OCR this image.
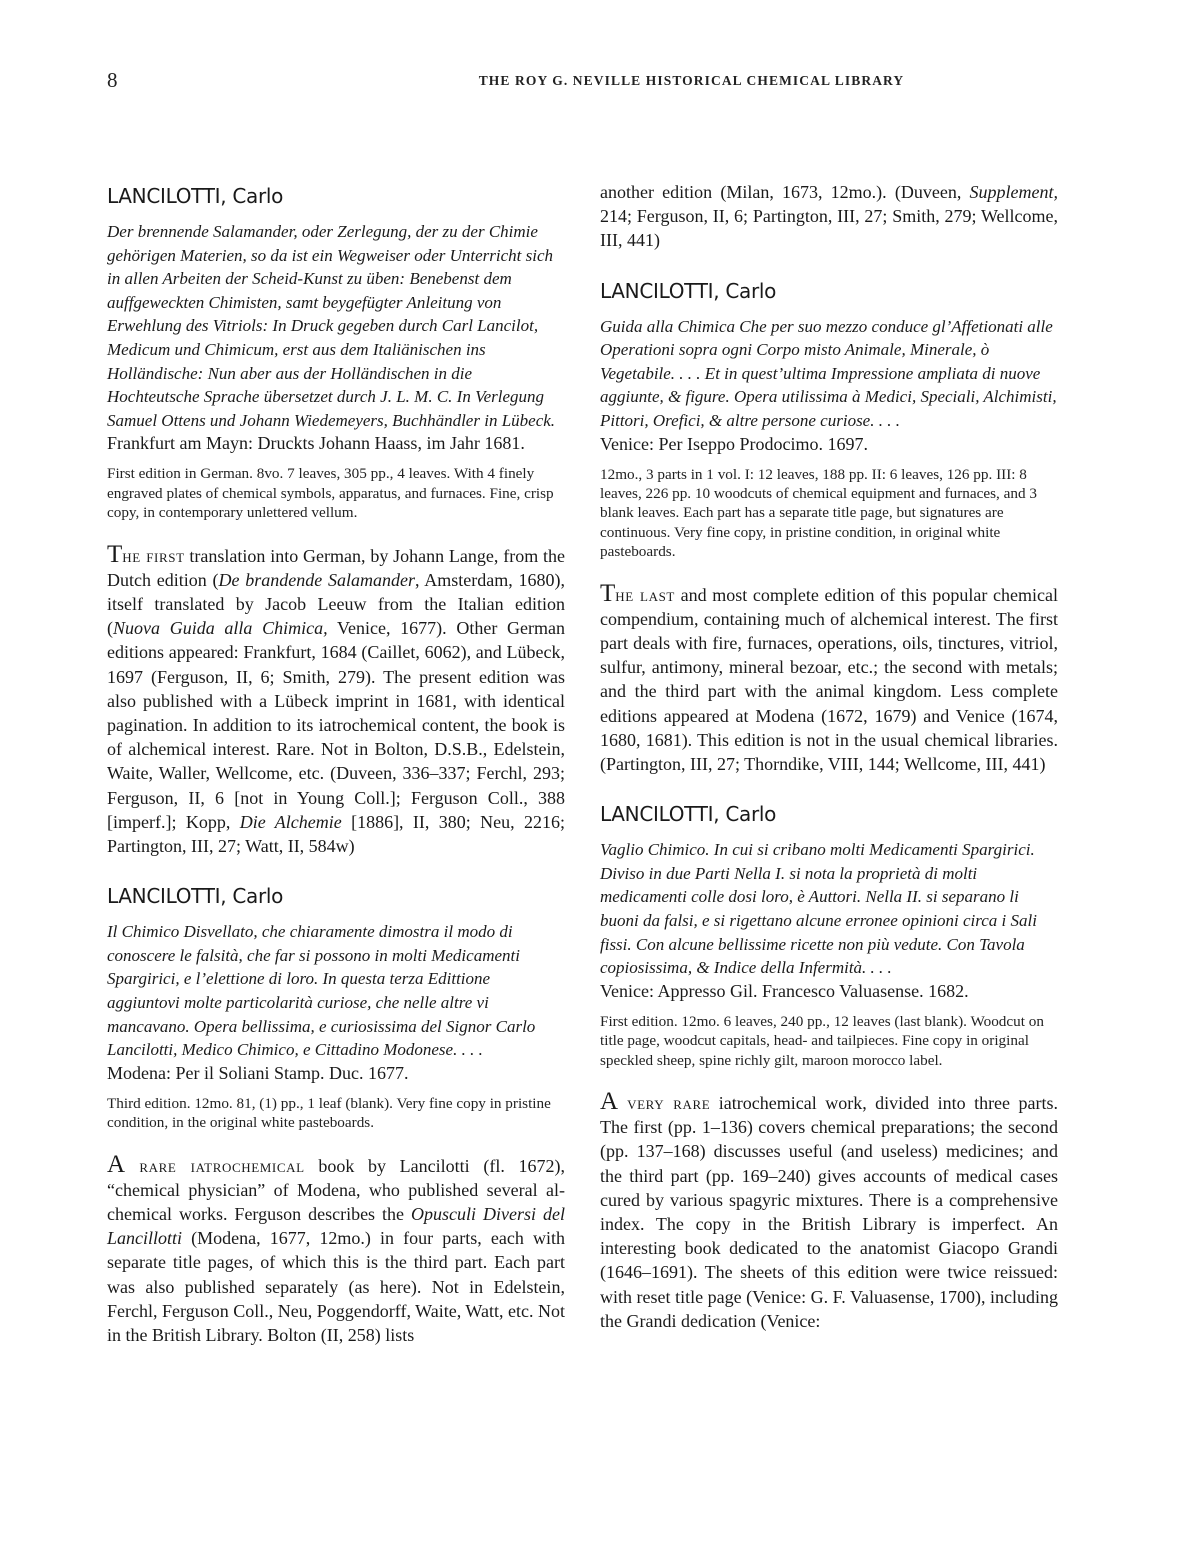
8	THE ROY G. NEVILLE HISTORICAL CHEMICAL LIBRARY
LANCILOTTI, Carlo

Der brennende Salamander, oder Zerlegung, der zu der Chimie gehörigen Materien, so da ist ein Wegweiser oder Unterricht sich in allen Arbeiten der Scheid-Kunst zu üben: Benebenst dem auffgeweckten Chimisten, samt beygefügter Anleitung von Erwehlung des Vitriols: In Druck gegeben durch Carl Lancilot, Medicum und Chimicum, erst aus dem Italiänischen ins Holländische: Nun aber aus der Holländischen in die Hochteutsche Sprache übersetzet durch J. L. M. C. In Verlegung Samuel Ottens und Johann Wiedemeyers, Buchhändler in Lübeck.

Frankfurt am Mayn: Druckts Johann Haass, im Jahr 1681.

First edition in German. 8vo. 7 leaves, 305 pp., 4 leaves. With 4 finely engraved plates of chemical symbols, apparatus, and furnaces. Fine, crisp copy, in contemporary unlettered vellum.

The first translation into German, by Johann Lange, from the Dutch edition (De brandende Salamander, Amsterdam, 1680), itself translated by Jacob Leeuw from the Italian edition (Nuova Guida alla Chimica, Venice, 1677). Other German editions appeared: Frankfurt, 1684 (Caillet, 6062), and Lübeck, 1697 (Ferguson, II, 6; Smith, 279). The present edition was also published with a Lübeck imprint in 1681, with identical pagination. In addition to its iatrochemical content, the book is of alchemical interest. Rare. Not in Bolton, D.S.B., Edelstein, Waite, Waller, Wellcome, etc. (Duveen, 336–337; Ferchl, 293; Ferguson, II, 6 [not in Young Coll.]; Ferguson Coll., 388 [imperf.]; Kopp, Die Alchemie [1886], II, 380; Neu, 2216; Partington, III, 27; Watt, II, 584w)

LANCILOTTI, Carlo

Il Chimico Disvellato, che chiaramente dimostra il modo di conoscere le falsità, che far si possono in molti Medicamenti Spargirici, e l’elettione di loro. In questa terza Edittione aggiuntovi molte particolarità curiose, che nelle altre vi mancavano. Opera bellissima, e curiosissima del Signor Carlo Lancilotti, Medico Chimico, e Cittadino Modonese. . . .

Modena: Per il Soliani Stamp. Duc. 1677.

Third edition. 12mo. 81, (1) pp., 1 leaf (blank). Very fine copy in pristine condition, in the original white pasteboards.

A rare iatrochemical book by Lancilotti (fl. 1672), “chemical physician” of Modena, who published several alchemical works. Ferguson describes the Opusculi Diversi del Lancillotti (Modena, 1677, 12mo.) in four parts, each with separate title pages, of which this is the third part. Each part was also published separately (as here). Not in Edelstein, Ferchl, Ferguson Coll., Neu, Poggendorff, Waite, Watt, etc. Not in the British Library. Bolton (II, 258) lists

another edition (Milan, 1673, 12mo.). (Duveen, Supplement, 214; Ferguson, II, 6; Partington, III, 27; Smith, 279; Wellcome, III, 441)

LANCILOTTI, Carlo

Guida alla Chimica Che per suo mezzo conduce gl’Affetionati alle Operationi sopra ogni Corpo misto Animale, Minerale, ò Vegetabile. . . . Et in quest’ultima Impressione ampliata di nuove aggiunte, & figure. Opera utilissima à Medici, Speciali, Alchimisti, Pittori, Orefici, & altre persone curiose. . . .

Venice: Per Iseppo Prodocimo. 1697.

12mo., 3 parts in 1 vol. I: 12 leaves, 188 pp. II: 6 leaves, 126 pp. III: 8 leaves, 226 pp. 10 woodcuts of chemical equipment and furnaces, and 3 blank leaves. Each part has a separate title page, but signatures are continuous. Very fine copy, in pristine condition, in original white pasteboards.

The last and most complete edition of this popular chemical compendium, containing much of alchemical interest. The first part deals with fire, furnaces, operations, oils, tinctures, vitriol, sulfur, antimony, mineral bezoar, etc.; the second with metals; and the third part with the animal kingdom. Less complete editions appeared at Modena (1672, 1679) and Venice (1674, 1680, 1681). This edition is not in the usual chemical libraries. (Partington, III, 27; Thorndike, VIII, 144; Wellcome, III, 441)

LANCILOTTI, Carlo

Vaglio Chimico. In cui si cribano molti Medicamenti Spargirici. Diviso in due Parti Nella I. si nota la proprietà di molti medicamenti colle dosi loro, è Auttori. Nella II. si separano li buoni da falsi, e si rigettano alcune erronee opinioni circa i Sali fissi. Con alcune bellissime ricette non più vedute. Con Tavola copiosissima, & Indice della Infermità. . . .

Venice: Appresso Gil. Francesco Valuasense. 1682.

First edition. 12mo. 6 leaves, 240 pp., 12 leaves (last blank). Woodcut on title page, woodcut capitals, head- and tailpieces. Fine copy in original speckled sheep, spine richly gilt, maroon morocco label.

A very rare iatrochemical work, divided into three parts. The first (pp. 1–136) covers chemical preparations; the second (pp. 137–168) discusses useful (and useless) medicines; and the third part (pp. 169–240) gives accounts of medical cases cured by various spagyric mixtures. There is a comprehensive index. The copy in the British Library is imperfect. An interesting book dedicated to the anatomist Giacopo Grandi (1646–1691). The sheets of this edition were twice reissued: with reset title page (Venice: G. F. Valuasense, 1700), including the Grandi dedication (Venice:
